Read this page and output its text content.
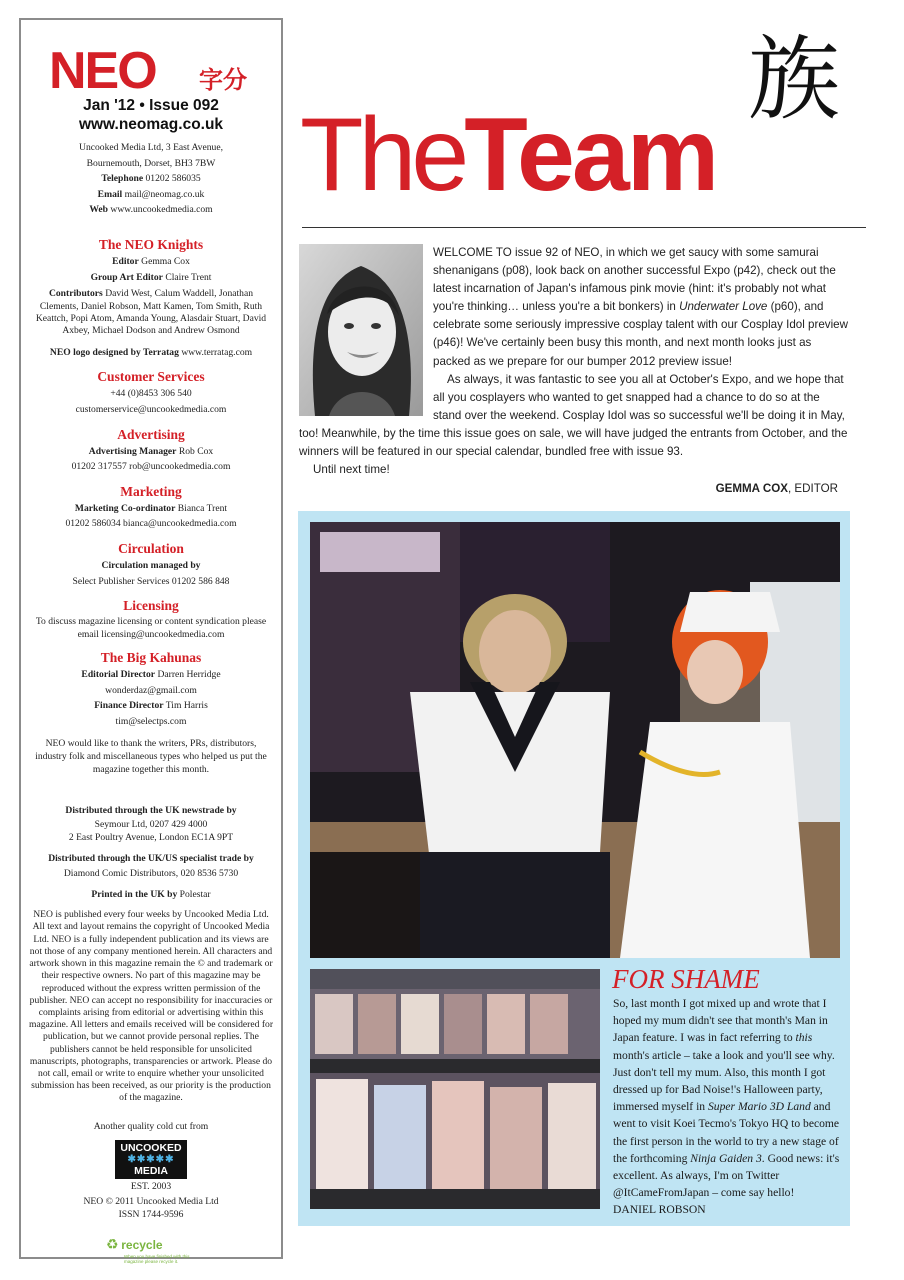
NEO 字分
Jan '12 • Issue 092
www.neomag.co.uk

Uncooked Media Ltd, 3 East Avenue,

Bournemouth, Dorset, BH3 7BW

Telephone 01202 586035

Email mail@neomag.co.uk

Web www.uncookedmedia.com

The NEO Knights

Editor Gemma Cox

Group Art Editor Claire Trent

Contributors David West, Calum Waddell, Jonathan Clements, Daniel Robson, Matt Kamen, Tom Smith, Ruth Keattch, Popi Atom, Amanda Young, Alasdair Stuart, David Axbey, Michael Dodson and Andrew Osmond

NEO logo designed by Terratag www.terratag.com

Customer Services

+44 (0)8453 306 540

customerservice@uncookedmedia.com

Advertising

Advertising Manager Rob Cox

01202 317557 rob@uncookedmedia.com

Marketing

Marketing Co-ordinator Bianca Trent

01202 586034 bianca@uncookedmedia.com

Circulation

Circulation managed by

Select Publisher Services 01202 586 848

Licensing

To discuss magazine licensing or content syndication please email licensing@uncookedmedia.com

The Big Kahunas

Editorial Director Darren Herridge

wonderdaz@gmail.com

Finance Director Tim Harris

tim@selectps.com

NEO would like to thank the writers, PRs, distributors, industry folk and miscellaneous types who helped us put the magazine together this month.

Distributed through the UK newstrade by

Seymour Ltd, 0207 429 4000

2 East Poultry Avenue, London EC1A 9PT

Distributed through the UK/US specialist trade by

Diamond Comic Distributors, 020 8536 5730

Printed in the UK by Polestar

NEO is published every four weeks by Uncooked Media Ltd. All text and layout remains the copyright of Uncooked Media Ltd. NEO is a fully independent publication and its views are not those of any company mentioned herein. All characters and artwork shown in this magazine remain the © and trademark or their respective owners. No part of this magazine may be reproduced without the express written permission of the publisher. NEO can accept no responsibility for inaccuracies or complaints arising from editorial or advertising within this magazine. All letters and emails received will be considered for publication, but we cannot provide personal replies. The publishers cannot be held responsible for unsolicited manuscripts, photographs, transparencies or artwork. Please do not call, email or write to enquire whether your unsolicited submission has been received, as our priority is the production of the magazine.

Another quality cold cut from

UNCOOKED
✱✱✱✱✱
MEDIA

EST. 2003

NEO © 2011 Uncooked Media Ltd

ISSN 1744-9596

♻ recycle
When you have finished with this magazine please recycle it.
族
TheTeam

WELCOME TO issue 92 of NEO, in which we get saucy with some samurai shenanigans (p08), look back on another successful Expo (p42), check out the latest incarnation of Japan's infamous pink movie (hint: it's probably not what you're thinking… unless you're a bit bonkers) in Underwater Love (p60), and celebrate some seriously impressive cosplay talent with our Cosplay Idol preview (p46)! We've certainly been busy this month, and next month looks just as packed as we prepare for our bumper 2012 preview issue!

As always, it was fantastic to see you all at October's Expo, and we hope that all you cosplayers who wanted to get snapped had a chance to do so at the stand over the weekend. Cosplay Idol was so successful we'll be doing it in May, too! Meanwhile, by the time this issue goes on sale, we will have judged the entrants from October, and the winners will be featured in our special calendar, bundled free with issue 93.

Until next time!

GEMMA COX, EDITOR
FOR SHAME

So, last month I got mixed up and wrote that I hoped my mum didn't see that month's Man in Japan feature. I was in fact referring to this month's article – take a look and you'll see why. Just don't tell my mum. Also, this month I got dressed up for Bad Noise!'s Halloween party, immersed myself in Super Mario 3D Land and went to visit Koei Tecmo's Tokyo HQ to become the first person in the world to try a new stage of the forthcoming Ninja Gaiden 3. Good news: it's excellent. As always, I'm on Twitter @ItCameFromJapan – come say hello!

DANIEL ROBSON
